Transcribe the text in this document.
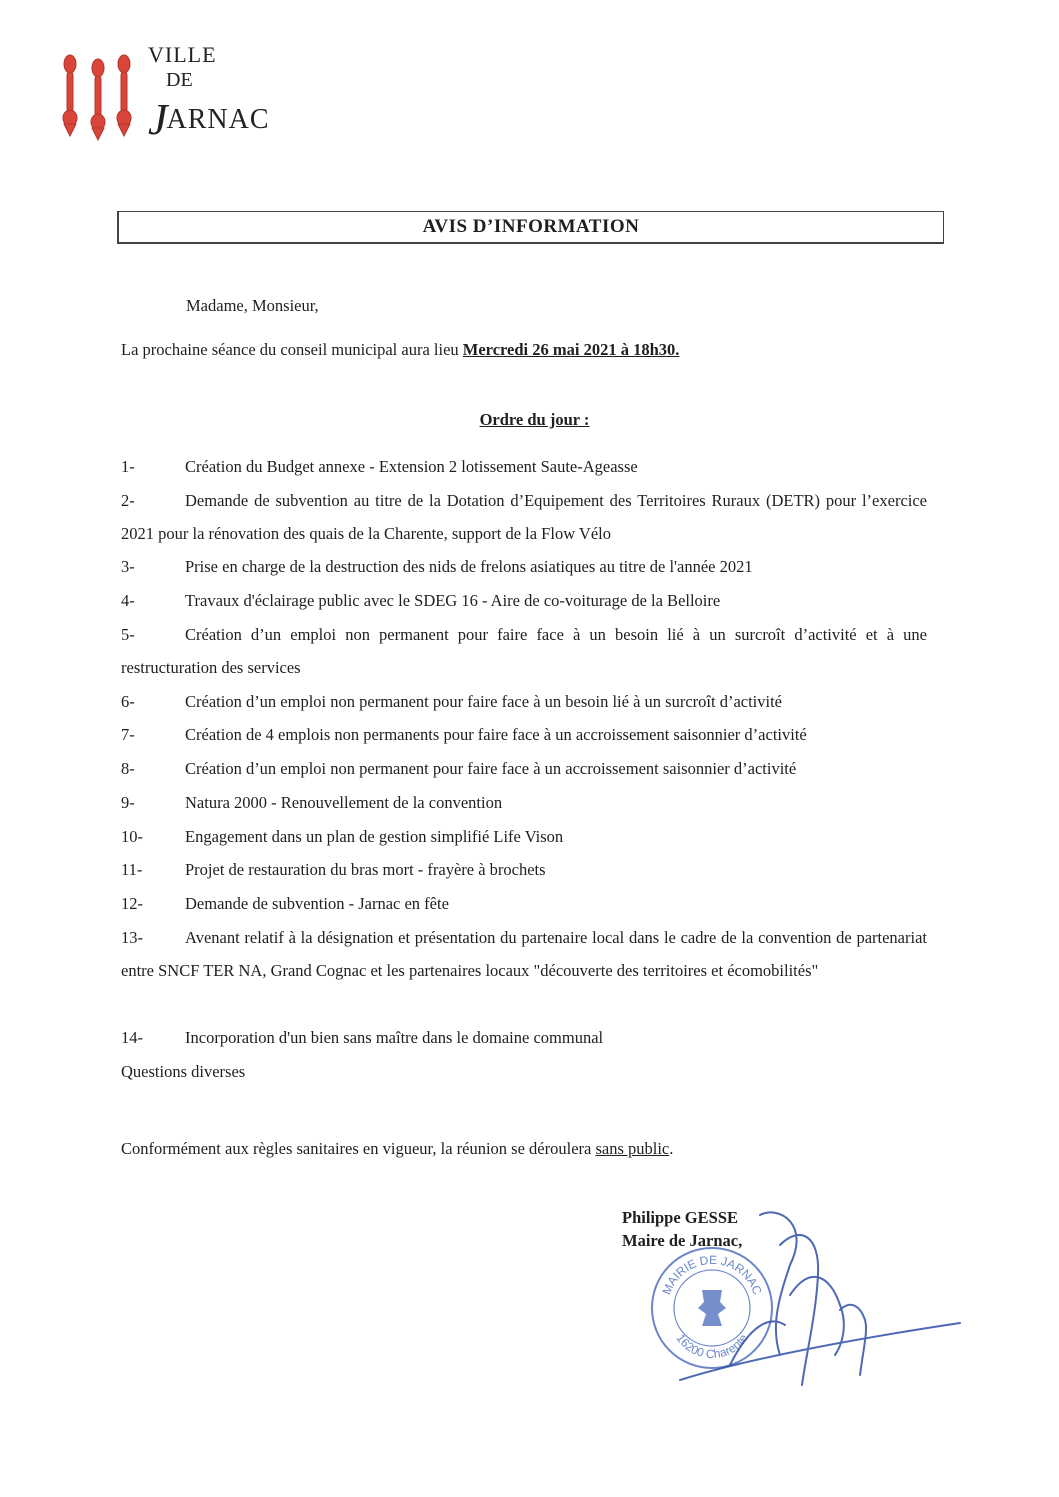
VILLE
DE
JARNAC
AVIS D’INFORMATION
Madame, Monsieur,
La prochaine séance du conseil municipal aura lieu Mercredi 26 mai 2021 à 18h30.
Ordre du jour :
1-	Création du Budget annexe - Extension 2 lotissement Saute-Ageasse
2-	Demande de subvention au titre de la Dotation d’Equipement des Territoires Ruraux (DETR) pour l’exercice 2021 pour la rénovation des quais de la Charente, support de la Flow Vélo
3-	Prise en charge de la destruction des nids de frelons asiatiques au titre de l'année 2021
4-	Travaux d'éclairage public avec le SDEG 16 - Aire de co-voiturage de la Belloire
5-	Création d’un emploi non permanent pour faire face à un besoin lié à un surcroît d’activité et à une restructuration des services
6-	Création d’un emploi non permanent pour faire face à un besoin lié à un surcroît d’activité
7-	Création de 4 emplois non permanents pour faire face à un accroissement saisonnier d’activité
8-	Création d’un emploi non permanent pour faire face à un accroissement saisonnier d’activité
9-	Natura 2000 - Renouvellement de la convention
10-	Engagement dans un plan de gestion simplifié Life Vison
11-	Projet de restauration du bras mort - frayère à brochets
12-	Demande de subvention - Jarnac en fête
13-	Avenant relatif à la désignation et présentation du partenaire local dans le cadre de la convention de partenariat entre SNCF TER NA, Grand Cognac et les partenaires locaux "découverte des territoires et écomobilités"
14-	Incorporation d'un bien sans maître dans le domaine communal
Questions diverses
Conformément aux règles sanitaires en vigueur, la réunion se déroulera sans public.
MAIRIE DE JARNAC
16200 Charente
Philippe GESSE
Maire de Jarnac,
